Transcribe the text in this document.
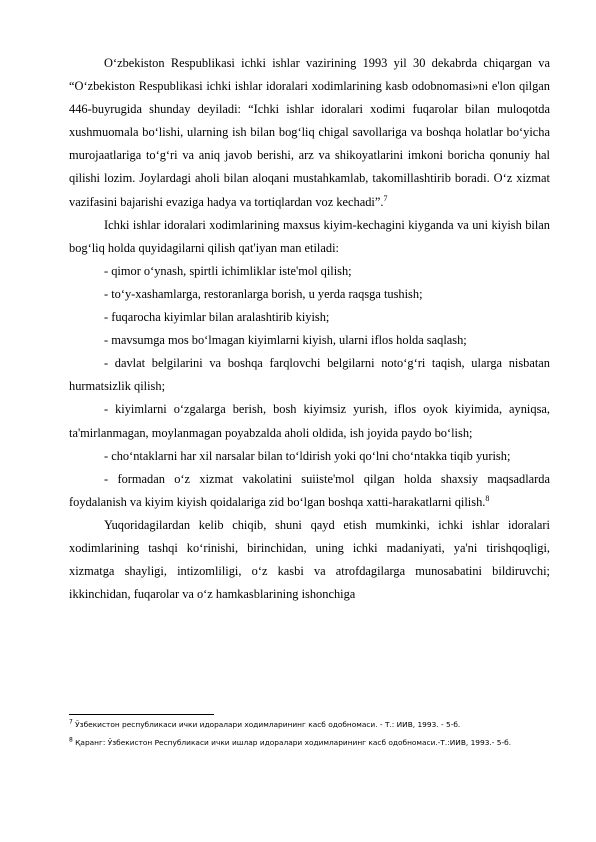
O‘zbekiston Respublikasi ichki ishlar vazirining 1993 yil 30 dekabrda chiqargan va “O‘zbekiston Respublikasi ichki ishlar idoralari xodimlarining kasb odobnomasi»ni e'lon qilgan 446-buyrugida shunday deyiladi: “Ichki ishlar idoralari xodimi fuqarolar bilan muloqotda xushmuomala bo‘lishi, ularning ish bilan bog‘liq chigal savollariga va boshqa holatlar bo‘yicha murojaatlariga to‘g‘ri va aniq javob berishi, arz va shikoyatlarini imkoni boricha qonuniy hal qilishi lozim. Joylardagi aholi bilan aloqani mustahkamlab, takomillashtirib boradi. O‘z xizmat vazifasini bajarishi evaziga hadya va tortiqlardan voz kechadi”.$^7$

Ichki ishlar idoralari xodimlarining maxsus kiyim-kechagini kiyganda va uni kiyish bilan bog‘liq holda quyidagilarni qilish qat'iyan man etiladi:

- qimor o‘ynash, spirtli ichimliklar iste'mol qilish;

- to‘y-xashamlarga, restoranlarga borish, u yerda raqsga tushish;

- fuqarocha kiyimlar bilan aralashtirib kiyish;

- mavsumga mos bo‘lmagan kiyimlarni kiyish, ularni iflos holda saqlash;

- davlat belgilarini va boshqa farqlovchi belgilarni noto‘g‘ri taqish, ularga nisbatan hurmatsizlik qilish;

- kiyimlarni o‘zgalarga berish, bosh kiyimsiz yurish, iflos oyok kiyimida, ayniqsa, ta'mirlanmagan, moylanmagan poyabzalda aholi oldida, ish joyida paydo bo‘lish;

- cho‘ntaklarni har xil narsalar bilan to‘ldirish yoki qo‘lni cho‘ntakka tiqib yurish;

- formadan o‘z xizmat vakolatini suiiste'mol qilgan holda shaxsiy maqsadlarda foydalanish va kiyim kiyish qoidalariga zid bo‘lgan boshqa xatti-harakatlarni qilish.$^8$

Yuqoridagilardan kelib chiqib, shuni qayd etish mumkinki, ichki ishlar idoralari xodimlarining tashqi ko‘rinishi, birinchidan, uning ichki madaniyati, ya'ni tirishqoqligi, xizmatga shayligi, intizomliligi, o‘z kasbi va atrofdagilarga munosabatini bildiruvchi; ikkinchidan, fuqarolar va o‘z hamkasblarining ishonchiga

$^7$ Ўзбекистон республикаси ички идоралари ходимларининг касб одобномаси. - Т.: ИИВ, 1993. - 5-б.

$^8$ Қаранг: Ўзбекистон Республикаси ички ишлар идоралари ходимларининг касб одобномаси.-Т.:ИИВ, 1993.- 5-б.
